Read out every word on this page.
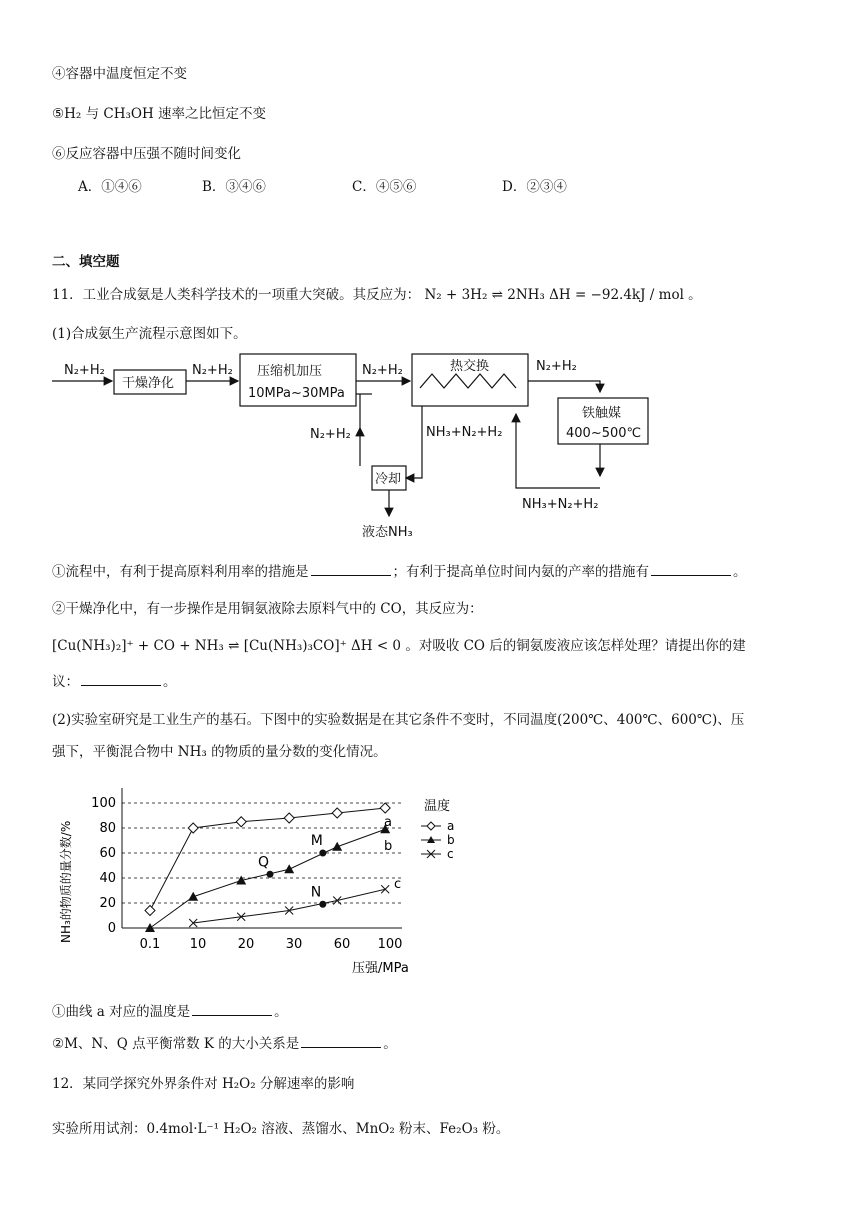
④容器中温度恒定不变
⑤H₂ 与 CH₃OH 速率之比恒定不变
⑥反应容器中压强不随时间变化
A．①④⑥	B．③④⑥	C．④⑤⑥	D．②③④
二、填空题
11．工业合成氨是人类科学技术的一项重大突破。其反应为： N₂ + 3H₂ ⇌ 2NH₃ ΔH = −92.4kJ / mol 。
(1)合成氨生产流程示意图如下。
N₂+H₂
干燥净化
N₂+H₂ 压缩机加压
10MPa~30MPa
N₂+H₂	热交换	N₂+H₂
铁触媒
400~500℃
N₂+H₂	NH₃+N₂+H₂
冷却
液态NH₃
NH₃+N₂+H₂
①流程中，有利于提高原料利用率的措施是	；有利于提高单位时间内氨的产率的措施有	。
②干燥净化中，有一步操作是用铜氨液除去原料气中的 CO，其反应为：
[Cu(NH₃)₂]⁺ + CO + NH₃ ⇌ [Cu(NH₃)₃CO]⁺ ΔH < 0 。对吸收 CO 后的铜氨废液应该怎样处理？请提出你的建
议：	。
(2)实验室研究是工业生产的基石。下图中的实验数据是在其它条件不变时，不同温度(200℃、400℃、600℃)、压
强下，平衡混合物中 NH₃ 的物质的量分数的变化情况。
NH₃的物质的量分数/%	0
20
40
60
80
100
0.1 10 20 30 60 100
压强/MPa
a
b
c
Q
M
N
温度
a
b
c
①曲线 a 对应的温度是	。
②M、N、Q 点平衡常数 K 的大小关系是	。
12．某同学探究外界条件对 H₂O₂ 分解速率的影响
实验所用试剂：0.4mol·L⁻¹ H₂O₂ 溶液、蒸馏水、MnO₂ 粉末、Fe₂O₃ 粉。
